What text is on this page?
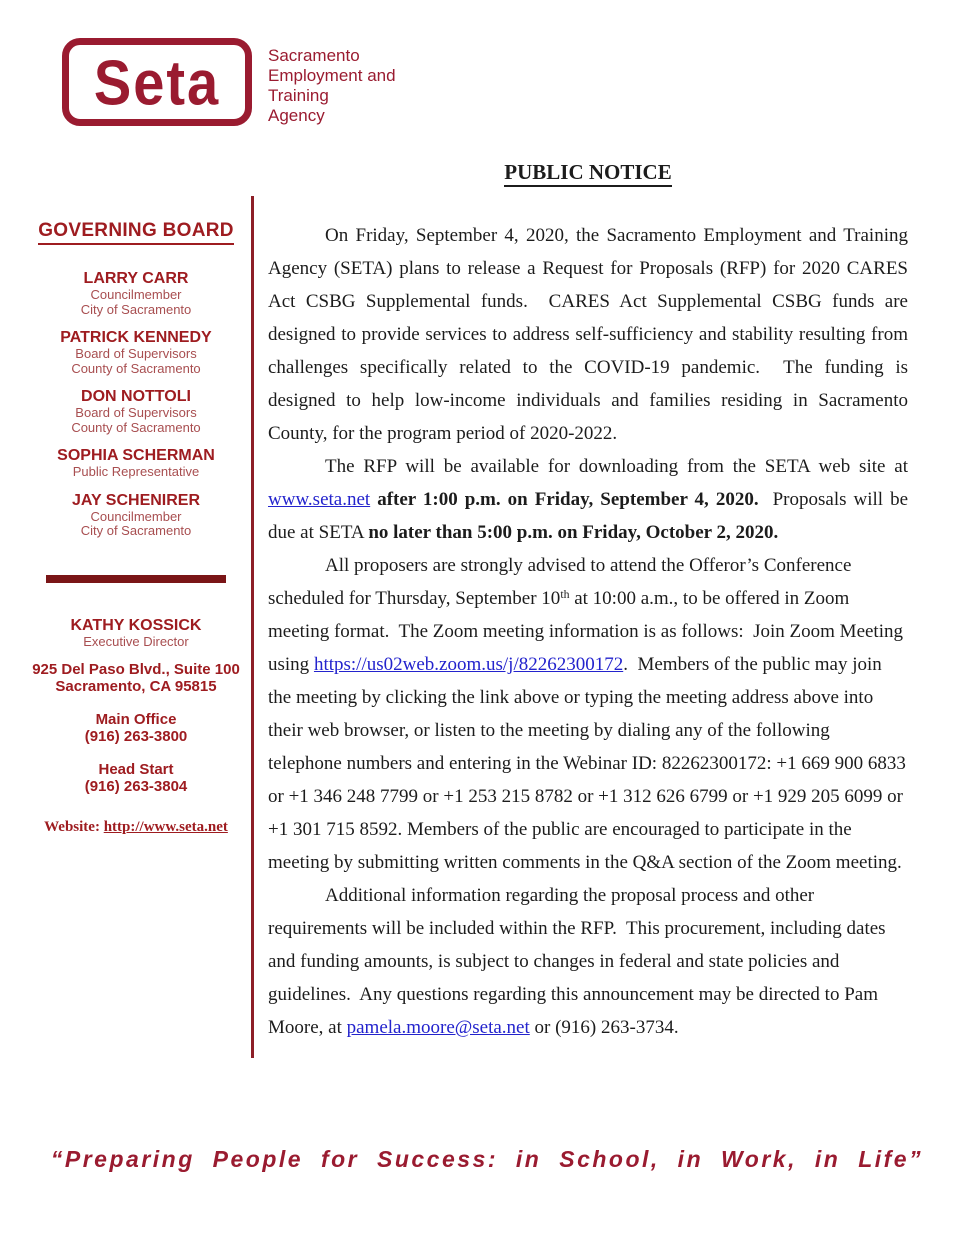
Seta	Sacramento
Employment and
Training
Agency
GOVERNING BOARD
LARRY CARR
Councilmember
City of Sacramento
PATRICK KENNEDY
Board of Supervisors
County of Sacramento
DON NOTTOLI
Board of Supervisors
County of Sacramento
SOPHIA SCHERMAN
Public Representative
JAY SCHENIRER
Councilmember
City of Sacramento
KATHY KOSSICK
Executive Director
925 Del Paso Blvd., Suite 100
Sacramento, CA 95815
Main Office
(916) 263-3800
Head Start
(916) 263-3804
Website: http://www.seta.net
PUBLIC NOTICE

On Friday, September 4, 2020, the Sacramento Employment and Training Agency (SETA) plans to release a Request for Proposals (RFP) for 2020 CARES Act CSBG Supplemental funds.  CARES Act Supplemental CSBG funds are designed to provide services to address self-sufficiency and stability resulting from challenges specifically related to the COVID-19 pandemic.  The funding is designed to help low-income individuals and families residing in Sacramento County, for the program period of 2020-2022.

The RFP will be available for downloading from the SETA web site at www.seta.net after 1:00 p.m. on Friday, September 4, 2020.  Proposals will be due at SETA no later than 5:00 p.m. on Friday, October 2, 2020.

All proposers are strongly advised to attend the Offeror’s Conference scheduled for Thursday, September 10th at 10:00 a.m., to be offered in Zoom meeting format.  The Zoom meeting information is as follows:  Join Zoom Meeting using https://us02web.zoom.us/j/82262300172.  Members of the public may join the meeting by clicking the link above or typing the meeting address above into their web browser, or listen to the meeting by dialing any of the following telephone numbers and entering in the Webinar ID: 82262300172: +1 669 900 6833 or +1 346 248 7799 or +1 253 215 8782 or +1 312 626 6799 or +1 929 205 6099 or +1 301 715 8592. Members of the public are encouraged to participate in the meeting by submitting written comments in the Q&A section of the Zoom meeting.

Additional information regarding the proposal process and other requirements will be included within the RFP.  This procurement, including dates and funding amounts, is subject to changes in federal and state policies and guidelines.  Any questions regarding this announcement may be directed to Pam Moore, at pamela.moore@seta.net or (916) 263-3734.

“Preparing People for Success: in School, in Work, in Life”
